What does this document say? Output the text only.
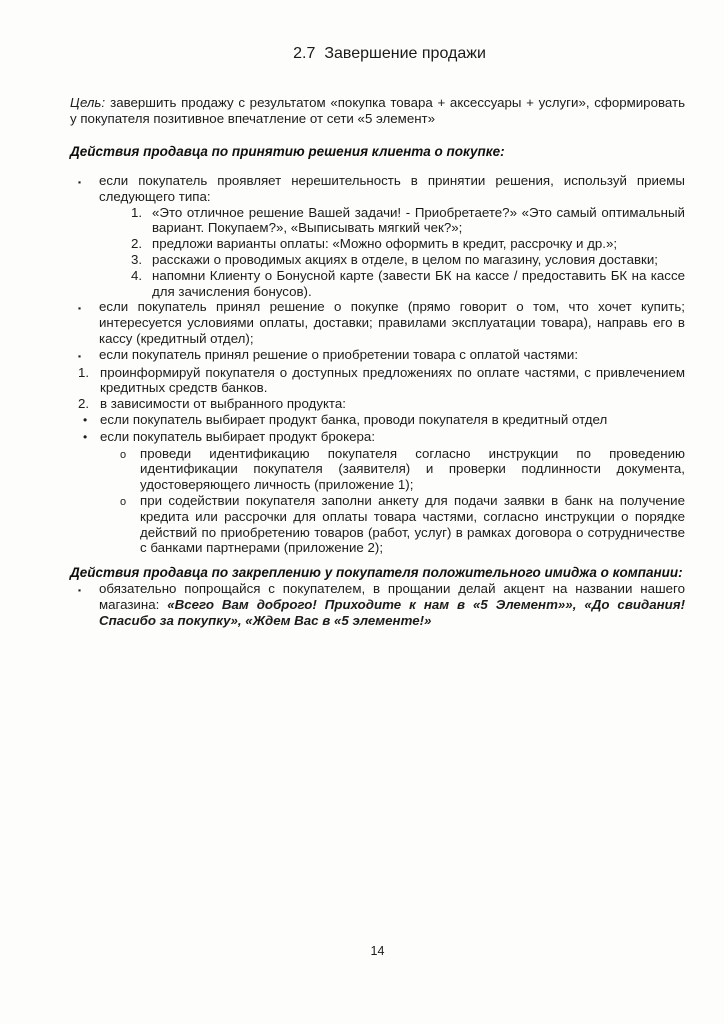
2.7 Завершение продажи

Цель: завершить продажу с результатом «покупка товара + аксессуары + услуги», сформировать у покупателя позитивное впечатление от сети «5 элемент»

Действия продавца по принятию решения клиента о покупке:
▪	если покупатель проявляет нерешительность в принятии решения, используй приемы следующего типа:
1. «Это отличное решение Вашей задачи! - Приобретаете?» «Это самый оптимальный вариант. Покупаем?», «Выписывать мягкий чек?»;
2. предложи варианты оплаты: «Можно оформить в кредит, рассрочку и др.»;
3. расскажи о проводимых акциях в отделе, в целом по магазину, условия доставки;
4. напомни Клиенту о Бонусной карте (завести БК на кассе / предоставить БК на кассе для зачисления бонусов).
▪	если покупатель принял решение о покупке (прямо говорит о том, что хочет купить; интересуется условиями оплаты, доставки; правилами эксплуатации товара), направь его в кассу (кредитный отдел);
▪	если покупатель принял решение о приобретении товара с оплатой частями:
1. проинформируй покупателя о доступных предложениях по оплате частями, с привлечением кредитных средств банков.
2. в зависимости от выбранного продукта:
• если покупатель выбирает продукт банка, проводи покупателя в кредитный отдел
• если покупатель выбирает продукт брокера:
o	проведи идентификацию покупателя согласно инструкции по проведению идентификации покупателя (заявителя) и проверки подлинности документа, удостоверяющего личность (приложение 1);
o	при содействии покупателя заполни анкету для подачи заявки в банк на получение кредита или рассрочки для оплаты товара частями, согласно инструкции о порядке действий по приобретению товаров (работ, услуг) в рамках договора о сотрудничестве с банками партнерами (приложение 2);
Действия продавца по закреплению у покупателя положительного имиджа о компании:
▪	обязательно попрощайся с покупателем, в прощании делай акцент на названии нашего магазина: «Всего Вам доброго! Приходите к нам в «5 Элемент»», «До свидания! Спасибо за покупку», «Ждем Вас в «5 элементе!»
14
